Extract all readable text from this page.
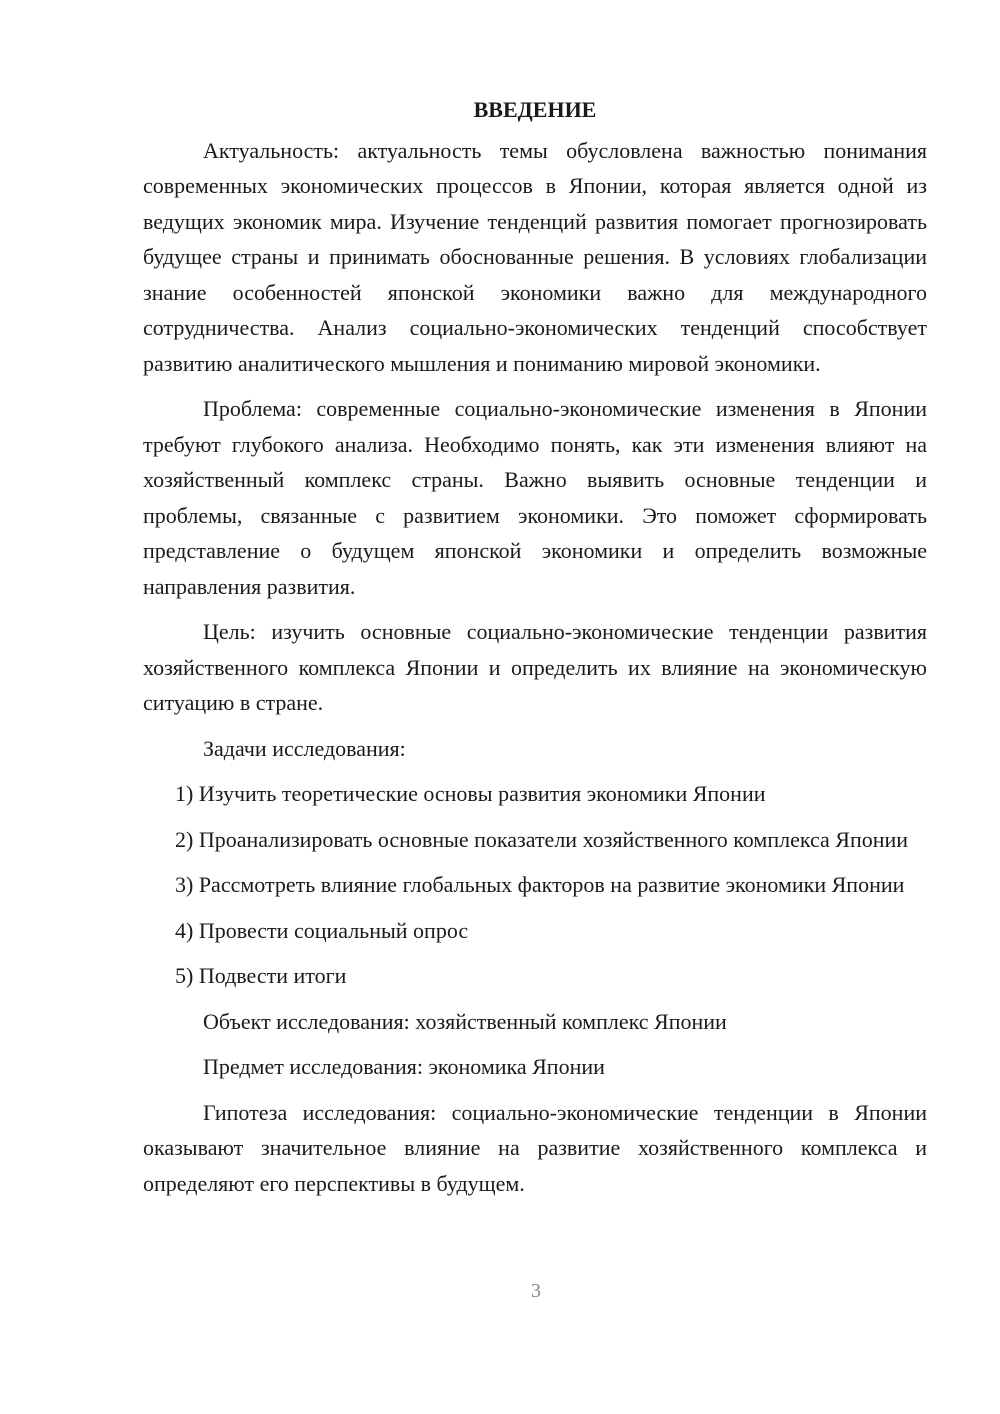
ВВЕДЕНИЕ

Актуальность: актуальность темы обусловлена важностью понимания современных экономических процессов в Японии, которая является одной из ведущих экономик мира. Изучение тенденций развития помогает прогнозировать будущее страны и принимать обоснованные решения. В условиях глобализации знание особенностей японской экономики важно для международного сотрудничества. Анализ социально-экономических тенденций способствует развитию аналитического мышления и пониманию мировой экономики.

Проблема: современные социально-экономические изменения в Японии требуют глубокого анализа. Необходимо понять, как эти изменения влияют на хозяйственный комплекс страны. Важно выявить основные тенденции и проблемы, связанные с развитием экономики. Это поможет сформировать представление о будущем японской экономики и определить возможные направления развития.

Цель: изучить основные социально-экономические тенденции развития хозяйственного комплекса Японии и определить их влияние на экономическую ситуацию в стране.

Задачи исследования:

1) Изучить теоретические основы развития экономики Японии

2) Проанализировать основные показатели хозяйственного комплекса Японии

3) Рассмотреть влияние глобальных факторов на развитие экономики Японии

4) Провести социальный опрос

5) Подвести итоги

Объект исследования: хозяйственный комплекс Японии

Предмет исследования: экономика Японии

Гипотеза исследования: социально-экономические тенденции в Японии оказывают значительное влияние на развитие хозяйственного комплекса и определяют его перспективы в будущем.

3
